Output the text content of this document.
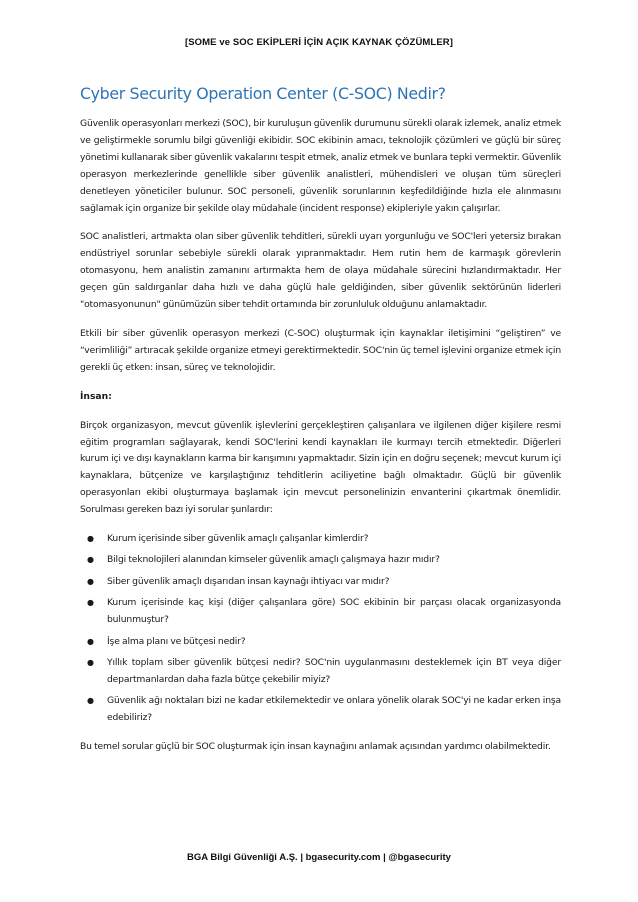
[SOME ve SOC EKİPLERİ İÇİN AÇIK KAYNAK ÇÖZÜMLER]
Cyber Security Operation Center (C-SOC) Nedir?

Güvenlik operasyonları merkezi (SOC), bir kuruluşun güvenlik durumunu sürekli olarak izlemek, analiz etmek ve geliştirmekle sorumlu bilgi güvenliği ekibidir. SOC ekibinin amacı, teknolojik çözümleri ve güçlü bir süreç yönetimi kullanarak siber güvenlik vakalarını tespit etmek, analiz etmek ve bunlara tepki vermektir. Güvenlik operasyon merkezlerinde genellikle siber güvenlik analistleri, mühendisleri ve oluşan tüm süreçleri denetleyen yöneticiler bulunur. SOC personeli, güvenlik sorunlarının keşfedildiğinde hızla ele alınmasını sağlamak için organize bir şekilde olay müdahale (incident response) ekipleriyle yakın çalışırlar.

SOC analistleri, artmakta olan siber güvenlik tehditleri, sürekli uyarı yorgunluğu ve SOC'leri yetersiz bırakan endüstriyel sorunlar sebebiyle sürekli olarak yıpranmaktadır. Hem rutin hem de karmaşık görevlerin otomasyonu, hem analistin zamanını artırmakta hem de olaya müdahale sürecini hızlandırmaktadır. Her geçen gün saldırganlar daha hızlı ve daha güçlü hale geldiğinden, siber güvenlik sektörünün liderleri "otomasyonunun" günümüzün siber tehdit ortamında bir zorunluluk olduğunu anlamaktadır.

Etkili bir siber güvenlik operasyon merkezi (C-SOC) oluşturmak için kaynaklar iletişimini “geliştiren” ve “verimliliği” artıracak şekilde organize etmeyi gerektirmektedir. SOC'nin üç temel işlevini organize etmek için gerekli üç etken: insan, süreç ve teknolojidir.

İnsan:

Birçok organizasyon, mevcut güvenlik işlevlerini gerçekleştiren çalışanlara ve ilgilenen diğer kişilere resmi eğitim programları sağlayarak, kendi SOC'lerini kendi kaynakları ile kurmayı tercih etmektedir. Diğerleri kurum içi ve dışı kaynakların karma bir karışımını yapmaktadır. Sizin için en doğru seçenek; mevcut kurum içi kaynaklara, bütçenize ve karşılaştığınız tehditlerin aciliyetine bağlı olmaktadır. Güçlü bir güvenlik operasyonları ekibi oluşturmaya başlamak için mevcut personelinizin envanterini çıkartmak önemlidir. Sorulması gereken bazı iyi sorular şunlardır:

● Kurum içerisinde siber güvenlik amaçlı çalışanlar kimlerdir?
● Bilgi teknolojileri alanından kimseler güvenlik amaçlı çalışmaya hazır mıdır?
● Siber güvenlik amaçlı dışarıdan insan kaynağı ihtiyacı var mıdır?
● Kurum içerisinde kaç kişi (diğer çalışanlara göre) SOC ekibinin bir parçası olacak organizasyonda bulunmuştur?
● İşe alma planı ve bütçesi nedir?
● Yıllık toplam siber güvenlik bütçesi nedir? SOC'nin uygulanmasını desteklemek için BT veya diğer departmanlardan daha fazla bütçe çekebilir miyiz?
● Güvenlik ağı noktaları bizi ne kadar etkilemektedir ve onlara yönelik olarak SOC'yi ne kadar erken inşa edebiliriz?

Bu temel sorular güçlü bir SOC oluşturmak için insan kaynağını anlamak açısından yardımcı olabilmektedir.

BGA Bilgi Güvenliği A.Ş. | bgasecurity.com | @bgasecurity
